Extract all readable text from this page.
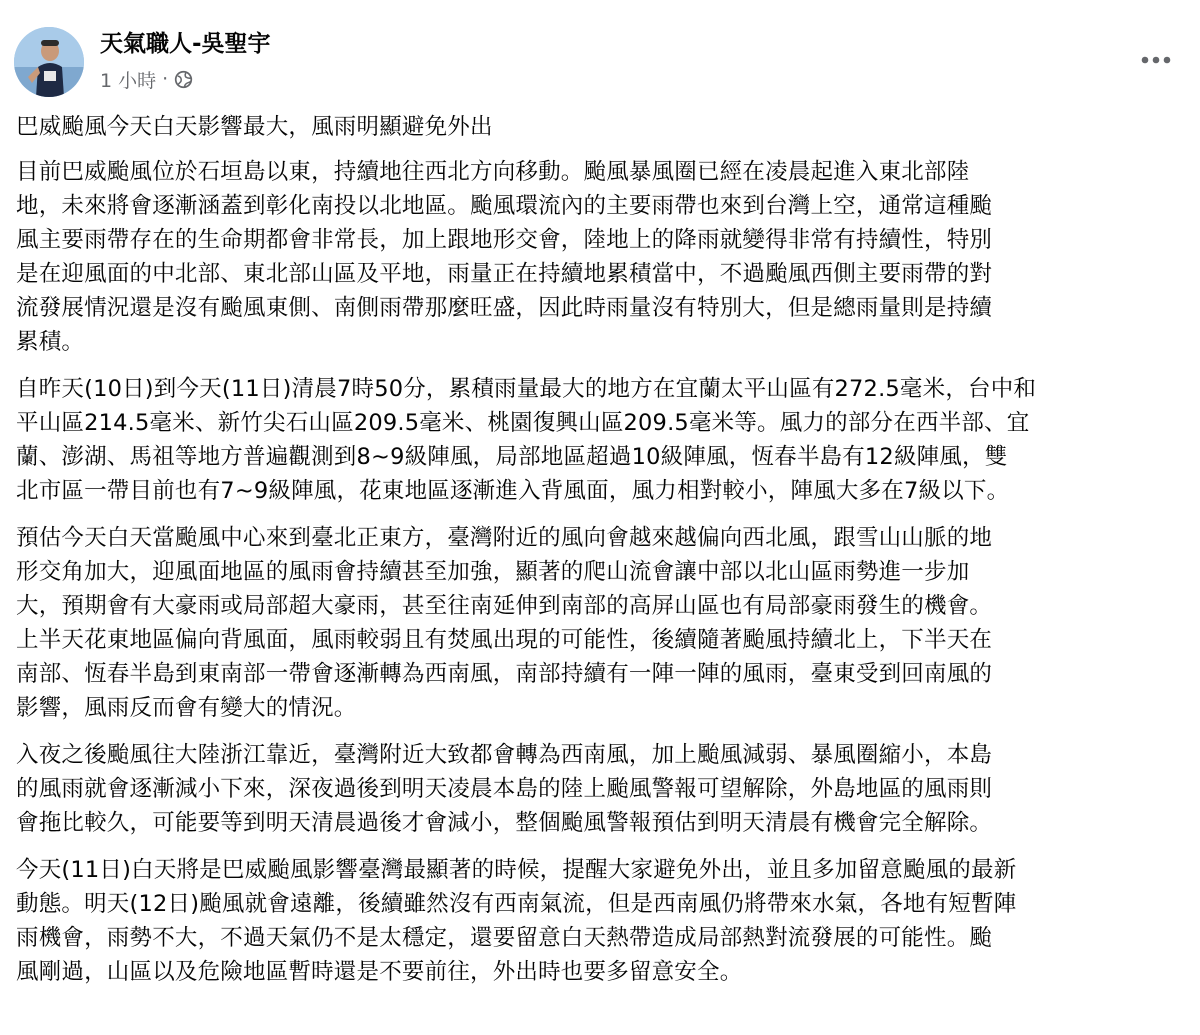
天氣職人-吳聖宇
1 小時 ·

巴威颱風今天白天影響最大，風雨明顯避免外出

目前巴威颱風位於石垣島以東，持續地往西北方向移動。颱風暴風圈已經在凌晨起進入東北部陸
地，未來將會逐漸涵蓋到彰化南投以北地區。颱風環流內的主要雨帶也來到台灣上空，通常這種颱
風主要雨帶存在的生命期都會非常長，加上跟地形交會，陸地上的降雨就變得非常有持續性，特別
是在迎風面的中北部、東北部山區及平地，雨量正在持續地累積當中，不過颱風西側主要雨帶的對
流發展情況還是沒有颱風東側、南側雨帶那麼旺盛，因此時雨量沒有特別大，但是總雨量則是持續
累積。

自昨天(10日)到今天(11日)清晨7時50分，累積雨量最大的地方在宜蘭太平山區有272.5毫米，台中和
平山區214.5毫米、新竹尖石山區209.5毫米、桃園復興山區209.5毫米等。風力的部分在西半部、宜
蘭、澎湖、馬祖等地方普遍觀測到8~9級陣風，局部地區超過10級陣風，恆春半島有12級陣風，雙
北市區一帶目前也有7~9級陣風，花東地區逐漸進入背風面，風力相對較小，陣風大多在7級以下。

預估今天白天當颱風中心來到臺北正東方，臺灣附近的風向會越來越偏向西北風，跟雪山山脈的地
形交角加大，迎風面地區的風雨會持續甚至加強，顯著的爬山流會讓中部以北山區雨勢進一步加
大，預期會有大豪雨或局部超大豪雨，甚至往南延伸到南部的高屏山區也有局部豪雨發生的機會。
上半天花東地區偏向背風面，風雨較弱且有焚風出現的可能性，後續隨著颱風持續北上，下半天在
南部、恆春半島到東南部一帶會逐漸轉為西南風，南部持續有一陣一陣的風雨，臺東受到回南風的
影響，風雨反而會有變大的情況。

入夜之後颱風往大陸浙江靠近，臺灣附近大致都會轉為西南風，加上颱風減弱、暴風圈縮小，本島
的風雨就會逐漸減小下來，深夜過後到明天凌晨本島的陸上颱風警報可望解除，外島地區的風雨則
會拖比較久，可能要等到明天清晨過後才會減小，整個颱風警報預估到明天清晨有機會完全解除。

今天(11日)白天將是巴威颱風影響臺灣最顯著的時候，提醒大家避免外出，並且多加留意颱風的最新
動態。明天(12日)颱風就會遠離，後續雖然沒有西南氣流，但是西南風仍將帶來水氣，各地有短暫陣
雨機會，雨勢不大，不過天氣仍不是太穩定，還要留意白天熱帶造成局部熱對流發展的可能性。颱
風剛過，山區以及危險地區暫時還是不要前往，外出時也要多留意安全。
